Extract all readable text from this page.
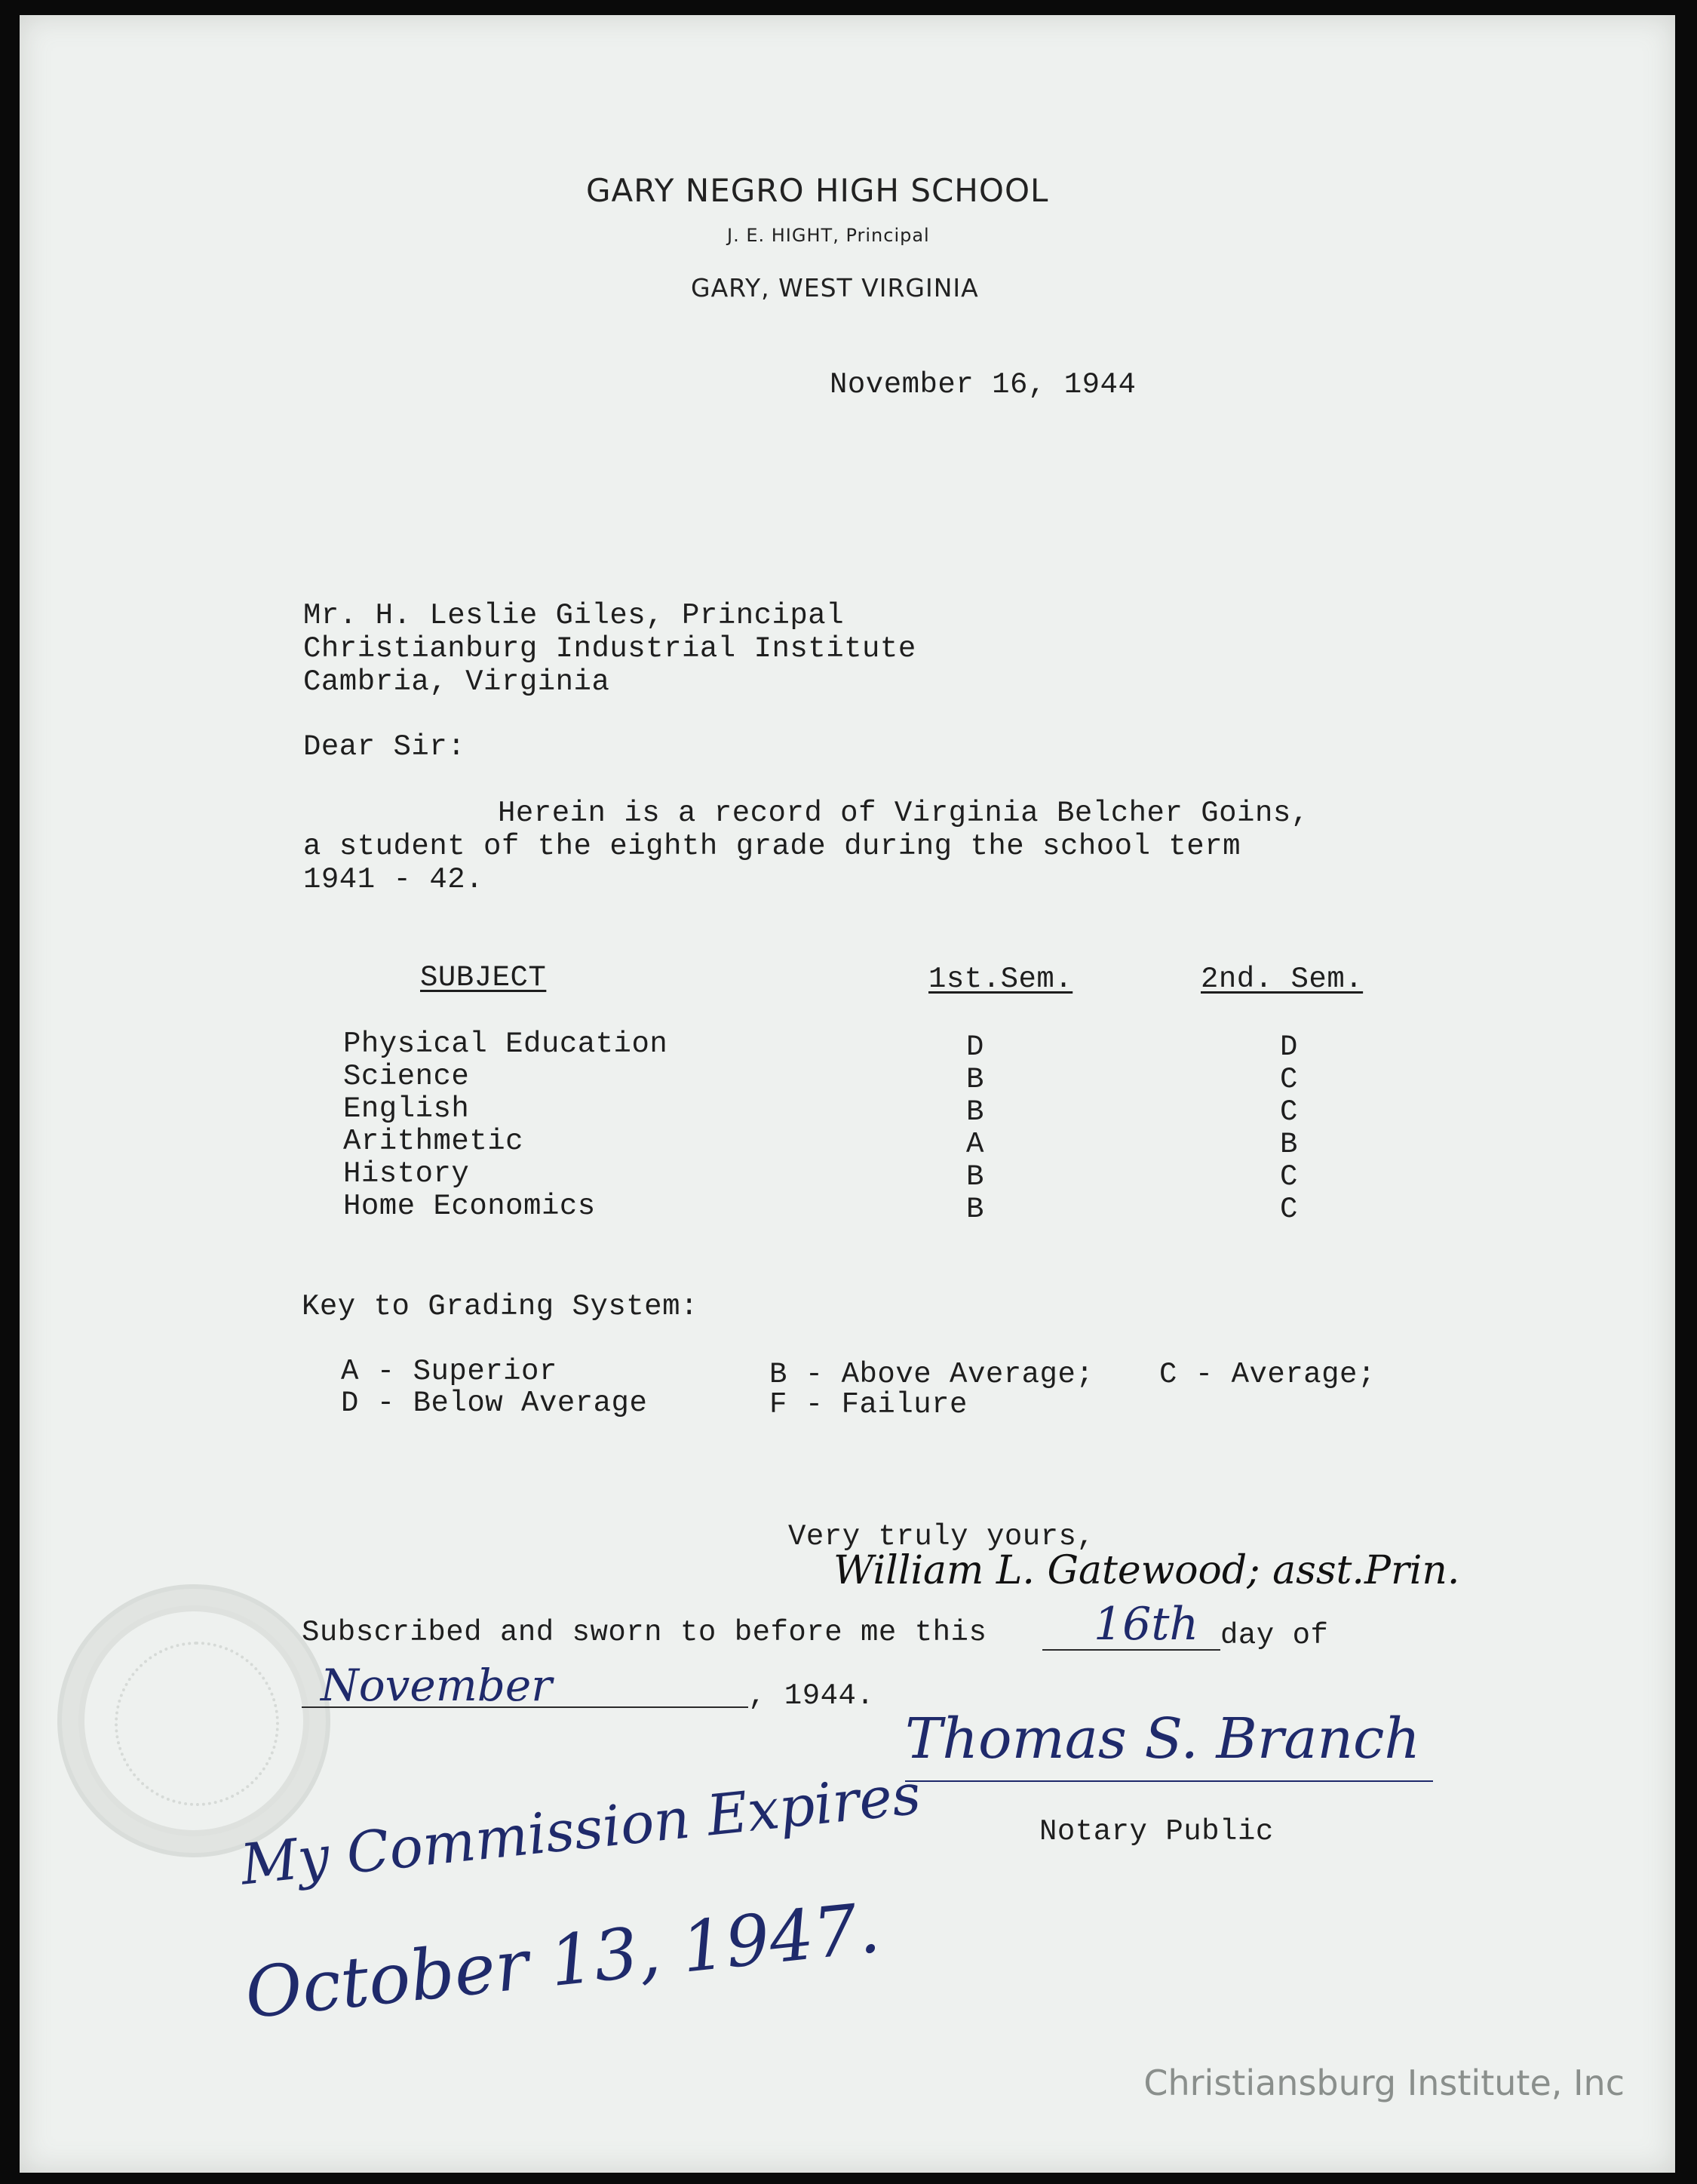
GARY NEGRO HIGH SCHOOL
J. E. HIGHT, Principal
GARY, WEST VIRGINIA
November 16, 1944
Mr. H. Leslie Giles, Principal
Christianburg Industrial Institute
Cambria, Virginia
Dear Sir:
Herein is a record of Virginia Belcher Goins,
a student of the eighth grade during the school term
1941 - 42.
SUBJECT	1st.Sem.	2nd. Sem.
Physical Education	D	D
Science	B	C
English	B	C
Arithmetic	A	B
History	B	C
Home Economics	B	C
Key to Grading System:
A - Superior	B - Above Average; C - Average;
D - Below Average	F - Failure
Very truly yours,
William L. Gatewood; asst.Prin.
Subscribed and sworn to before me this 16th day of
November	, 1944.
Thomas S. Branch
Notary Public
My Commission Expires
October 13, 1947.
Christiansburg Institute, Inc
